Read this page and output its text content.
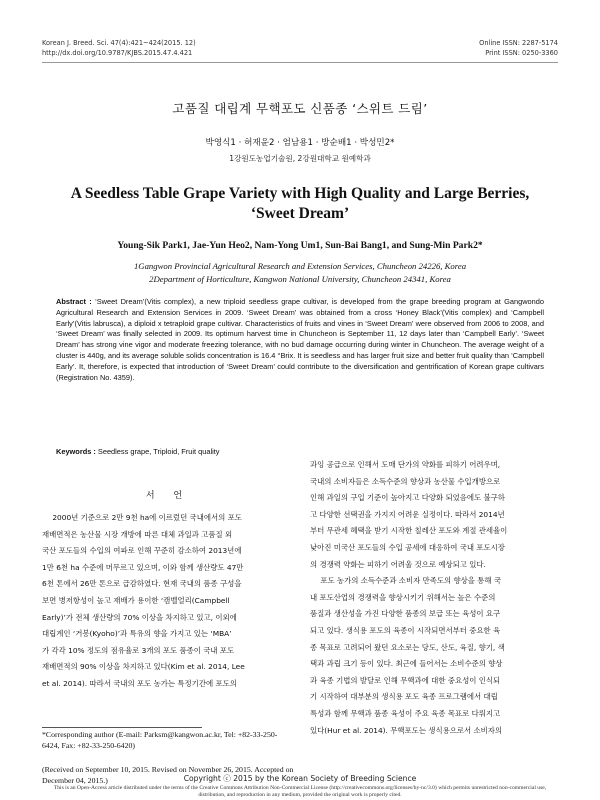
Korean J. Breed. Sci. 47(4):421~424(2015. 12)
http://dx.doi.org/10.9787/KJBS.2015.47.4.421
Online ISSN: 2287-5174
Print ISSN: 0250-3360
고품질 대립계 무핵포도 신품종 ‘스위트 드림’
박영식1 · 허재윤2 · 엄남용1 · 방순배1 · 박성민2*
1강원도농업기술원, 2강원대학교 원예학과
A Seedless Table Grape Variety with High Quality and Large Berries,
‘Sweet Dream’
Young-Sik Park1, Jae-Yun Heo2, Nam-Yong Um1, Sun-Bai Bang1, and Sung-Min Park2*
1Gangwon Provincial Agricultural Research and Extension Services, Chuncheon 24226, Korea
2Department of Horticulture, Kangwon National University, Chuncheon 24341, Korea
Abstract : ‘Sweet Dream’(Vitis complex), a new triploid seedless grape cultivar, is developed from the grape breeding program at Gangwondo Agricultural Research and Extension Services in 2009. ‘Sweet Dream’ was obtained from a cross ‘Honey Black’(Vitis complex) and ‘Campbell Early’(Vitis labrusca), a diploid x tetraploid grape cultivar. Characteristics of fruits and vines in ‘Sweet Dream’ were observed from 2006 to 2008, and ‘Sweet Dream’ was finally selected in 2009. Its optimum harvest time in Chuncheon is September 11, 12 days later than ‘Campbell Early’. ‘Sweet Dream’ has strong vine vigor and moderate freezing tolerance, with no bud damage occurring during winter in Chuncheon. The average weight of a cluster is 440g, and its average soluble solids concentration is 16.4 °Brix. It is seedless and has larger fruit size and better fruit quality than ‘Campbell Early’. It, therefore, is expected that introduction of ‘Sweet Dream’ could contribute to the diversification and gentrification of Korean grape cultivars (Registration No. 4359).
Keywords : Seedless grape, Triploid, Fruit quality
서 언
2000년 기준으로 2만 9천 ha에 이르렀던 국내에서의 포도
재배면적은 농산물 시장 개방에 따른 대체 과일과 고품질 외
국산 포도들의 수입의 여파로 인해 꾸준히 감소하여 2013년에
1만 6천 ha 수준에 머무르고 있으며, 이와 함께 생산량도 47만
6천 톤에서 26만 톤으로 급감하였다. 현재 국내의 품종 구성을
보면 병저항성이 높고 재배가 용이한 ‘캠벨얼리(Campbell
Early)’가 전체 생산량의 70% 이상을 차지하고 있고, 이외에
대립계인 ‘거봉(Kyoho)’과 특유의 향을 가지고 있는 ‘MBA’
가 각각 10% 정도의 점유율로 3개의 포도 품종이 국내 포도
재배면적의 90% 이상을 차지하고 있다(Kim et al. 2014, Lee
et al. 2014). 따라서 국내의 포도 농가는 특정기간에 포도의
과잉 공급으로 인해서 도매 단가의 약화를 피하기 어려우며,
국내의 소비자들은 소득수준의 향상과 농산물 수입개방으로
인해 과일의 구입 기준이 높아지고 다양화 되었음에도 불구하
고 다양한 선택권을 가지지 어려운 실정이다. 따라서 2014년
부터 무관세 혜택을 받기 시작한 칠레산 포도와 계절 관세율이
낮아진 미국산 포도들의 수입 공세에 대응하여 국내 포도시장
의 경쟁력 약화는 피하기 어려울 것으로 예상되고 있다.
포도 농가의 소득수준과 소비자 만족도의 향상을 통해 국
내 포도산업의 경쟁력을 향상시키기 위해서는 높은 수준의
품질과 생산성을 가진 다양한 품종의 보급 또는 육성이 요구
되고 있다. 생식용 포도의 육종이 시작되면서부터 중요한 육
종 목표로 고려되어 왔던 요소로는 당도, 산도, 육질, 향기, 색
택과 과립 크기 등이 있다. 최근에 들어서는 소비수준의 향상
과 육종 기법의 발달로 인해 무핵과에 대한 중요성이 인식되
기 시작하여 대부분의 생식용 포도 육종 프로그램에서 대립
특성과 함께 무핵과 품종 육성이 주요 육종 목표로 다뤄지고
있다(Hur et al. 2014). 무핵포도는 생식용으로서 소비자의
*Corresponding author (E-mail: Parksm@kangwon.ac.kr, Tel: +82-33-250-6424, Fax: +82-33-250-6420)
(Received on September 10, 2015. Revised on November 26, 2015. Accepted on December 04, 2015.)	Copyright ⓒ 2015 by the Korean Society of Breeding Science
This is an Open-Access article distributed under the terms of the Creative Commons Attribution Non-Commercial License (http://creativecommons.org/licenses/by-nc/3.0) which permits unrestricted non-commercial use, distribution, and reproduction in any medium, provided the original work is properly cited.
